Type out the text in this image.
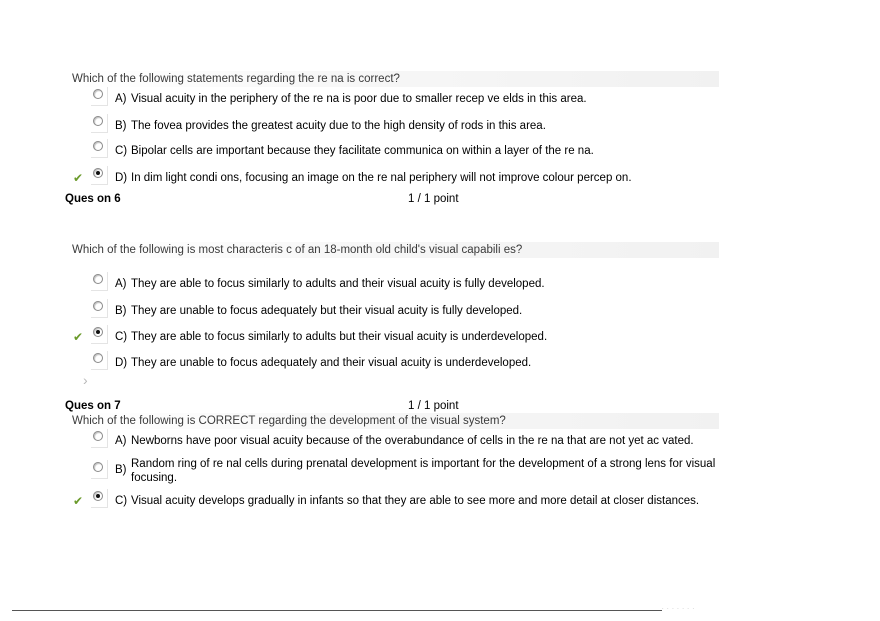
Which of the following statements regarding the re na is correct?
A) Visual acuity in the periphery of the re na is poor due to smaller recep ve elds in this area.
B) The fovea provides the greatest acuity due to the high density of rods in this area.
C) Bipolar cells are important because they facilitate communica on within a layer of the re na.
✔	D) In dim light condi ons, focusing an image on the re nal periphery will not improve colour percep on.
Ques on 6	1 / 1 point
Which of the following is most characteris c of an 18-month old child's visual capabili es?
A) They are able to focus similarly to adults and their visual acuity is fully developed.
B) They are unable to focus adequately but their visual acuity is fully developed.
✔	C) They are able to focus similarly to adults but their visual acuity is underdeveloped.
D) They are unable to focus adequately and their visual acuity is underdeveloped.
›
Ques on 7	1 / 1 point
Which of the following is CORRECT regarding the development of the visual system?
A) Newborns have poor visual acuity because of the overabundance of cells in the re na that are not yet ac vated.
B) Random ring of re nal cells during prenatal development is important for the development of a strong lens for visual focusing.
✔	C) Visual acuity develops gradually in infants so that they are able to see more and more detail at closer distances.
· · · · · · ·
